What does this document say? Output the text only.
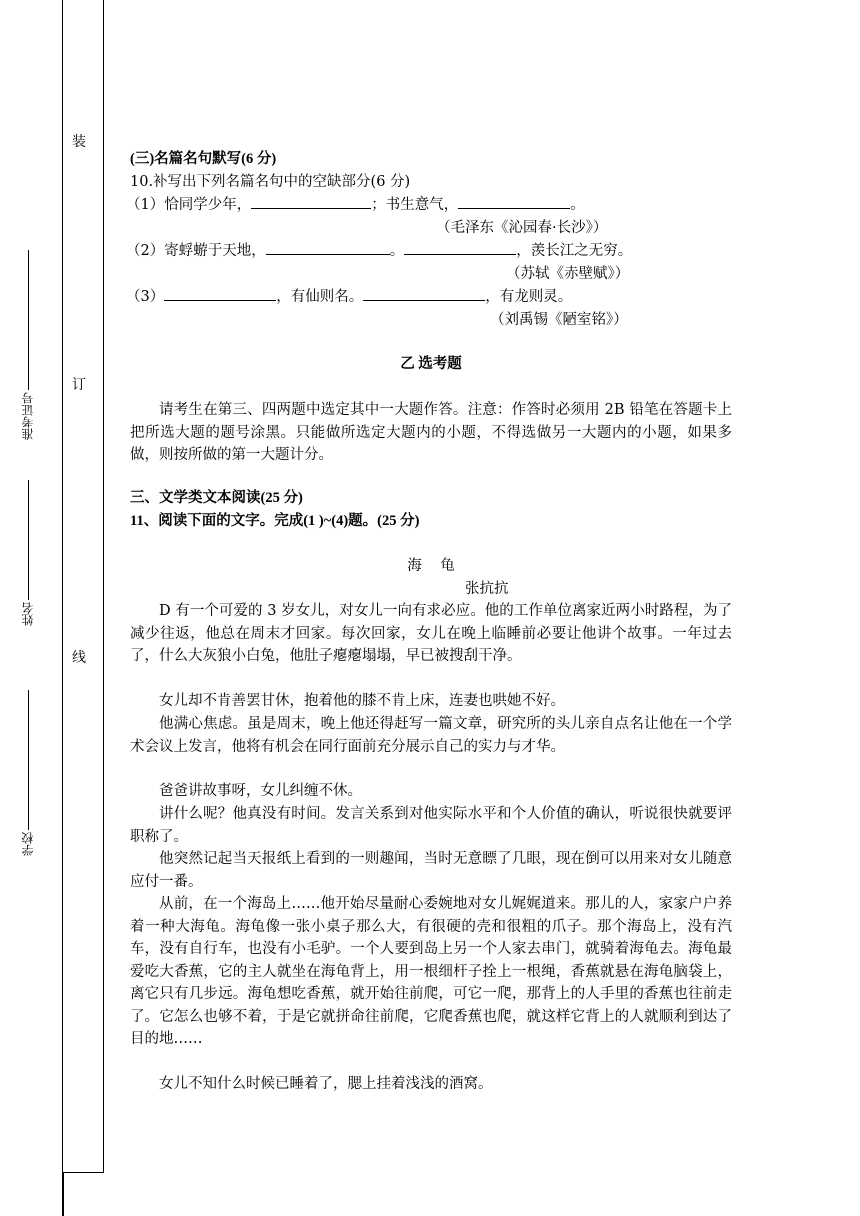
装
订
线
准考证号
姓名
学校
(三)名篇名句默写(6 分)
10.补写出下列名篇名句中的空缺部分(6 分)
（1）恰同学少年，	；书生意气，	。
（毛泽东《沁园春·长沙》）
（2）寄蜉蝣于天地，	。	，羡长江之无穷。
（苏轼《赤壁赋》）
（3）	，有仙则名。	，有龙则灵。
（刘禹锡《陋室铭》）
乙 选考题
请考生在第三、四两题中选定其中一大题作答。注意：作答时必须用 2B 铅笔在答题卡上把所选大题的题号涂黑。只能做所选定大题内的小题，不得选做另一大题内的小题，如果多做，则按所做的第一大题计分。
三、文学类文本阅读(25 分)
11、阅读下面的文字。完成(1 )~(4)题。(25 分)
海    龟
张抗抗
D 有一个可爱的 3 岁女儿，对女儿一向有求必应。他的工作单位离家近两小时路程，为了减少往返，他总在周末才回家。每次回家，女儿在晚上临睡前必要让他讲个故事。一年过去了，什么大灰狼小白兔，他肚子瘪瘪塌塌，早已被搜刮干净。
女儿却不肯善罢甘休，抱着他的膝不肯上床，连妻也哄她不好。
他满心焦虑。虽是周末，晚上他还得赶写一篇文章，研究所的头儿亲自点名让他在一个学术会议上发言，他将有机会在同行面前充分展示自己的实力与才华。
爸爸讲故事呀，女儿纠缠不休。
讲什么呢？他真没有时间。发言关系到对他实际水平和个人价值的确认，听说很快就要评职称了。
他突然记起当天报纸上看到的一则趣闻，当时无意瞟了几眼，现在倒可以用来对女儿随意应付一番。
从前，在一个海岛上……他开始尽量耐心委婉地对女儿娓娓道来。那儿的人，家家户户养着一种大海龟。海龟像一张小桌子那么大，有很硬的壳和很粗的爪子。那个海岛上，没有汽车，没有自行车，也没有小毛驴。一个人要到岛上另一个人家去串门，就骑着海龟去。海龟最爱吃大香蕉，它的主人就坐在海龟背上，用一根细杆子拴上一根绳，香蕉就悬在海龟脑袋上，离它只有几步远。海龟想吃香蕉，就开始往前爬，可它一爬，那背上的人手里的香蕉也往前走了。它怎么也够不着，于是它就拼命往前爬，它爬香蕉也爬，就这样它背上的人就顺利到达了目的地……
女儿不知什么时候已睡着了，腮上挂着浅浅的酒窝。
